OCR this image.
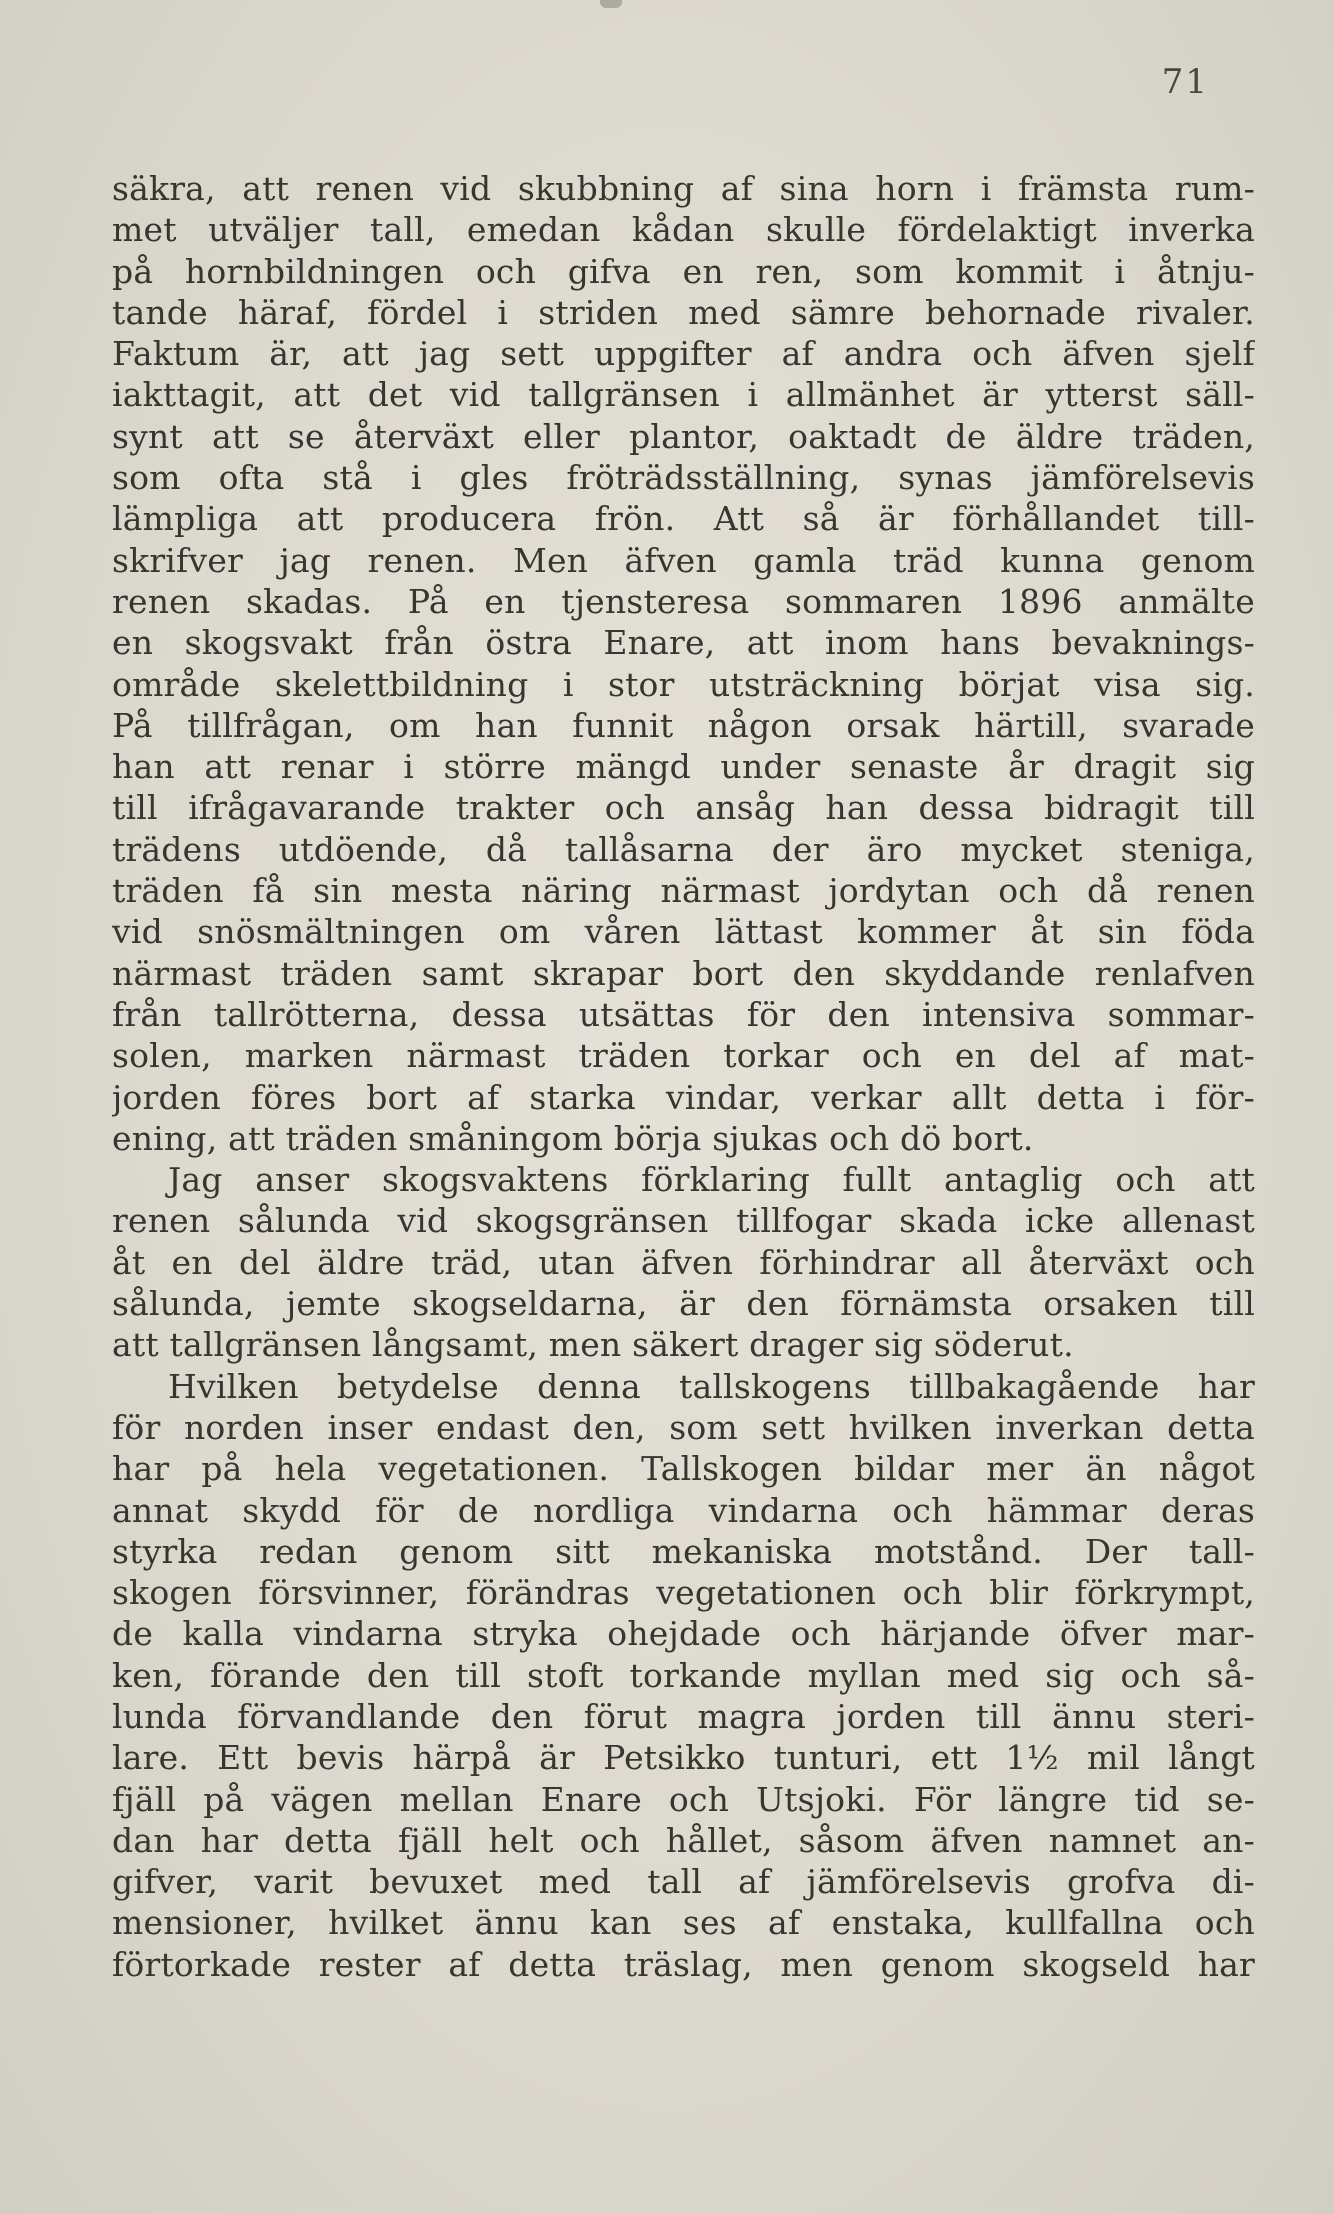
71
säkra, att renen vid skubbning af sina horn i främsta rum-
met utväljer tall, emedan kådan skulle fördelaktigt inverka
på hornbildningen och gifva en ren, som kommit i åtnju-
tande häraf, fördel i striden med sämre behornade rivaler.
Faktum är, att jag sett uppgifter af andra och äfven sjelf
iakttagit, att det vid tallgränsen i allmänhet är ytterst säll-
synt att se återväxt eller plantor, oaktadt de äldre träden,
som ofta stå i gles fröträdsställning, synas jämförelsevis
lämpliga att producera frön. Att så är förhållandet till-
skrifver jag renen. Men äfven gamla träd kunna genom
renen skadas. På en tjensteresa sommaren 1896 anmälte
en skogsvakt från östra Enare, att inom hans bevaknings-
område skelettbildning i stor utsträckning börjat visa sig.
På tillfrågan, om han funnit någon orsak härtill, svarade
han att renar i större mängd under senaste år dragit sig
till ifrågavarande trakter och ansåg han dessa bidragit till
trädens utdöende, då tallåsarna der äro mycket steniga,
träden få sin mesta näring närmast jordytan och då renen
vid snösmältningen om våren lättast kommer åt sin föda
närmast träden samt skrapar bort den skyddande renlafven
från tallrötterna, dessa utsättas för den intensiva sommar-
solen, marken närmast träden torkar och en del af mat-
jorden föres bort af starka vindar, verkar allt detta i för-
ening, att träden småningom börja sjukas och dö bort.
Jag anser skogsvaktens förklaring fullt antaglig och att
renen sålunda vid skogsgränsen tillfogar skada icke allenast
åt en del äldre träd, utan äfven förhindrar all återväxt och
sålunda, jemte skogseldarna, är den förnämsta orsaken till
att tallgränsen långsamt, men säkert drager sig söderut.
Hvilken betydelse denna tallskogens tillbakagående har
för norden inser endast den, som sett hvilken inverkan detta
har på hela vegetationen. Tallskogen bildar mer än något
annat skydd för de nordliga vindarna och hämmar deras
styrka redan genom sitt mekaniska motstånd. Der tall-
skogen försvinner, förändras vegetationen och blir förkrympt,
de kalla vindarna stryka ohejdade och härjande öfver mar-
ken, förande den till stoft torkande myllan med sig och så-
lunda förvandlande den förut magra jorden till ännu steri-
lare. Ett bevis härpå är Petsikko tunturi, ett 1½ mil långt
fjäll på vägen mellan Enare och Utsjoki. För längre tid se-
dan har detta fjäll helt och hållet, såsom äfven namnet an-
gifver, varit bevuxet med tall af jämförelsevis grofva di-
mensioner, hvilket ännu kan ses af enstaka, kullfallna och
förtorkade rester af detta träslag, men genom skogseld har
